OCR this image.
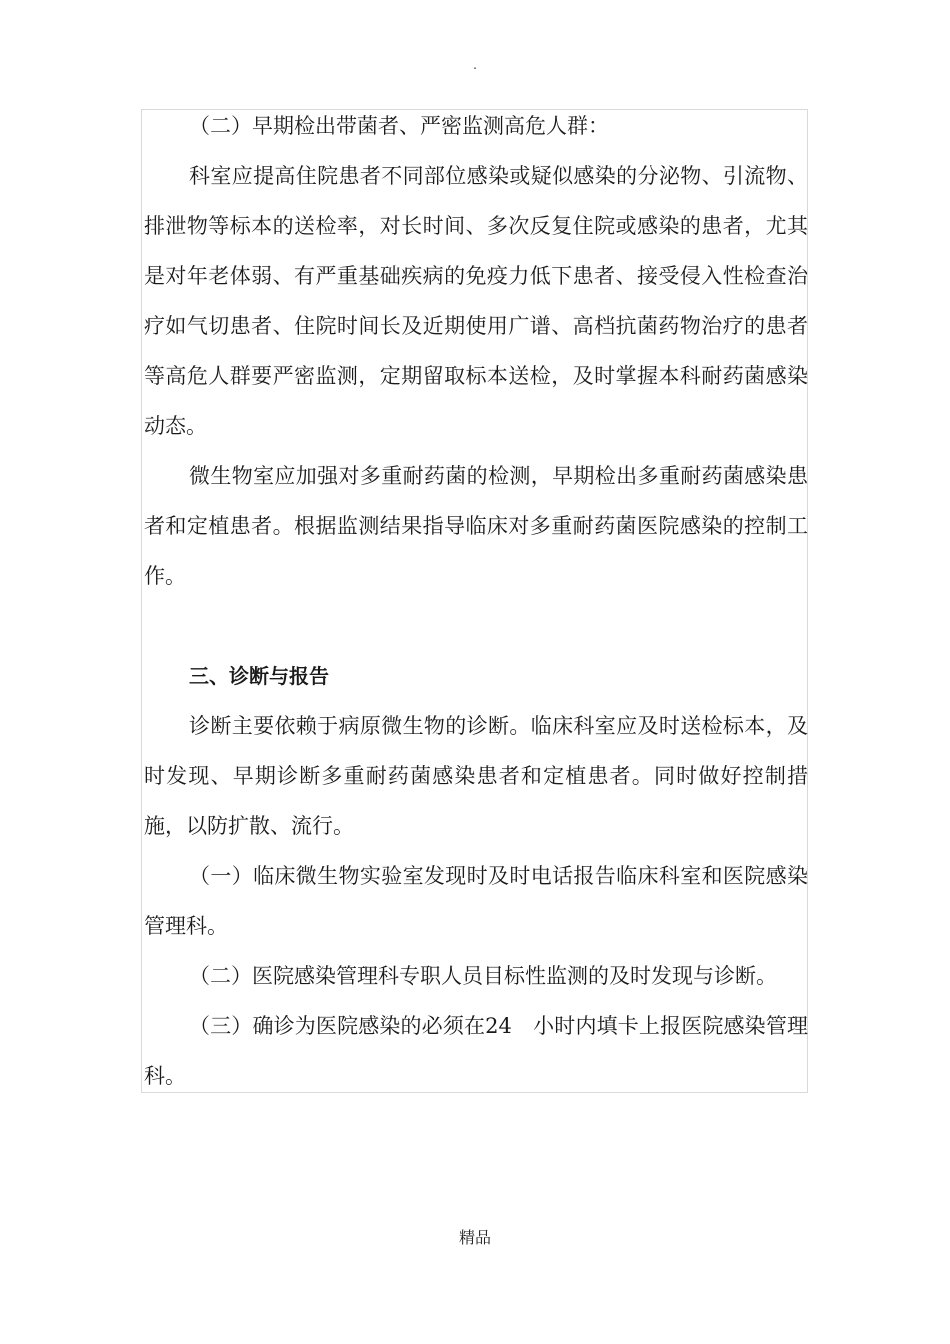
.

（二）早期检出带菌者、严密监测高危人群：

科室应提高住院患者不同部位感染或疑似感染的分泌物、引流物、排泄物等标本的送检率，对长时间、多次反复住院或感染的患者，尤其是对年老体弱、有严重基础疾病的免疫力低下患者、接受侵入性检查治疗如气切患者、住院时间长及近期使用广谱、高档抗菌药物治疗的患者等高危人群要严密监测，定期留取标本送检，及时掌握本科耐药菌感染动态。

微生物室应加强对多重耐药菌的检测，早期检出多重耐药菌感染患者和定植患者。根据监测结果指导临床对多重耐药菌医院感染的控制工作。

三、诊断与报告

诊断主要依赖于病原微生物的诊断。临床科室应及时送检标本，及时发现、早期诊断多重耐药菌感染患者和定植患者。同时做好控制措施，以防扩散、流行。

（一）临床微生物实验室发现时及时电话报告临床科室和医院感染管理科。

（二）医院感染管理科专职人员目标性监测的及时发现与诊断。

（三）确诊为医院感染的必须在24　小时内填卡上报医院感染管理科。

精品
